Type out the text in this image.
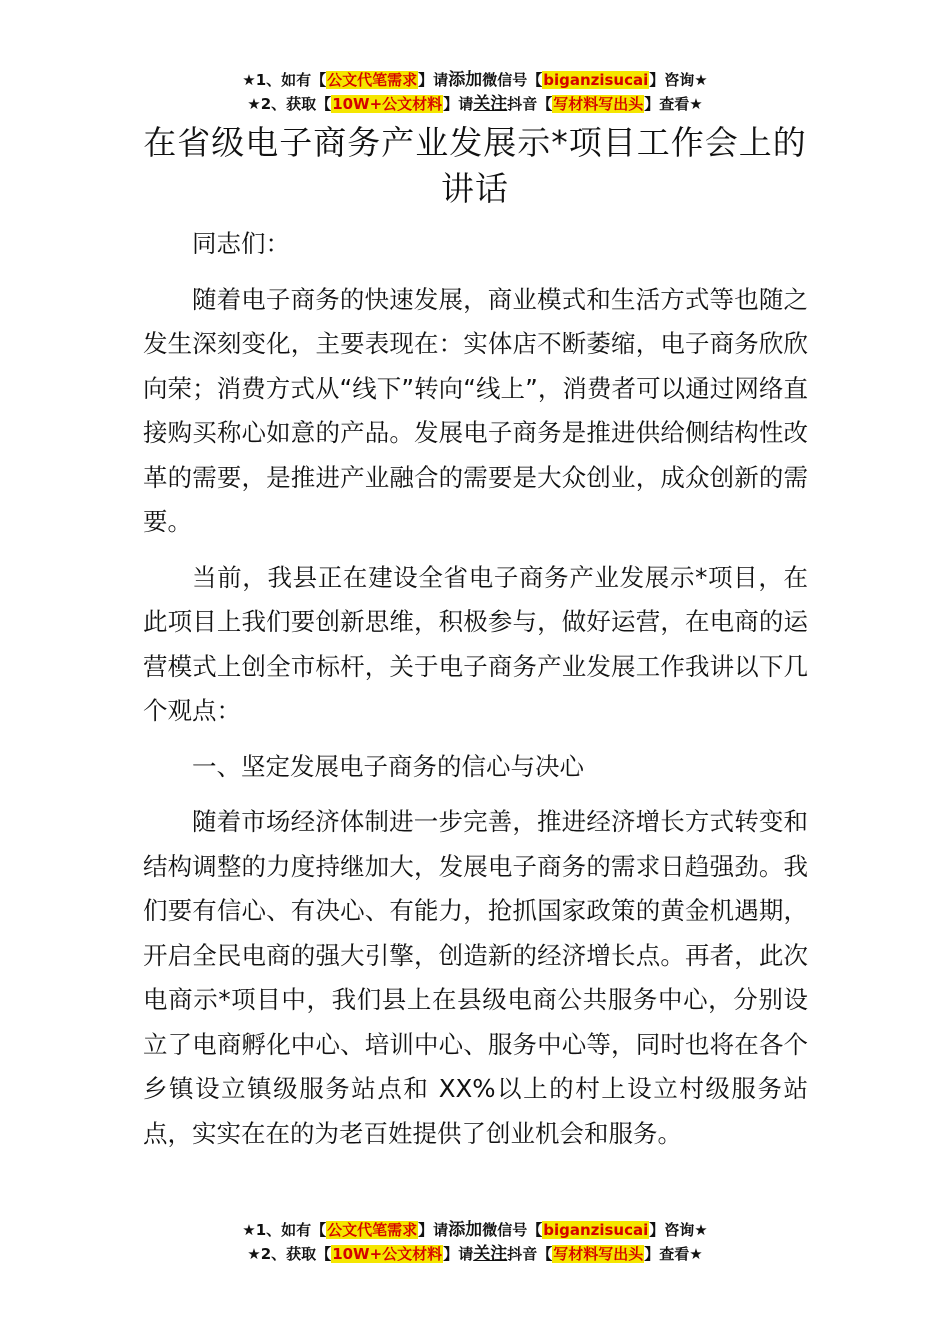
★1、如有【公文代笔需求】请添加微信号【biganzisucai】咨询★
★2、获取【10W+公文材料】请关注抖音【写材料写出头】查看★
在省级电子商务产业发展示*项目工作会上的
讲话

同志们：

随着电子商务的快速发展，商业模式和生活方式等也随之发生深刻变化，主要表现在：实体店不断萎缩，电子商务欣欣向荣；消费方式从“线下”转向“线上”，消费者可以通过网络直接购买称心如意的产品。发展电子商务是推进供给侧结构性改革的需要，是推进产业融合的需要是大众创业，成众创新的需要。

当前，我县正在建设全省电子商务产业发展示*项目，在此项目上我们要创新思维，积极参与，做好运营，在电商的运营模式上创全市标杆，关于电子商务产业发展工作我讲以下几个观点：

一、坚定发展电子商务的信心与决心

随着市场经济体制进一步完善，推进经济增长方式转变和结构调整的力度持继加大，发展电子商务的需求日趋强劲。我们要有信心、有决心、有能力，抢抓国家政策的黄金机遇期，开启全民电商的强大引擎，创造新的经济增长点。再者，此次电商示*项目中，我们县上在县级电商公共服务中心，分别设立了电商孵化中心、培训中心、服务中心等，同时也将在各个乡镇设立镇级服务站点和 XX%以上的村上设立村级服务站点，实实在在的为老百姓提供了创业机会和服务。

★1、如有【公文代笔需求】请添加微信号【biganzisucai】咨询★
★2、获取【10W+公文材料】请关注抖音【写材料写出头】查看★
